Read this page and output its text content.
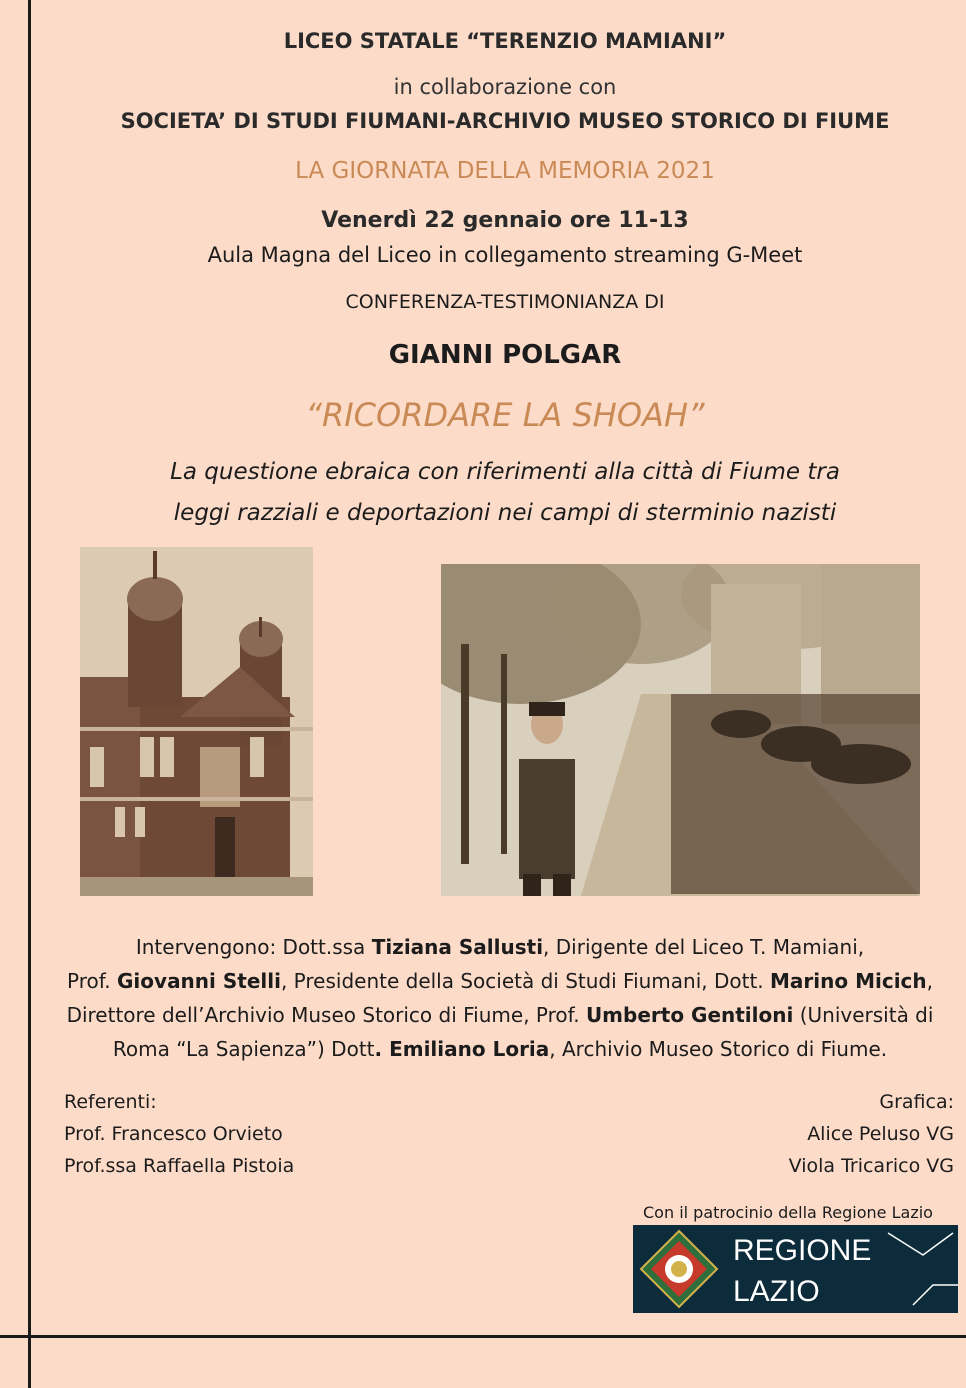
LICEO STATALE “TERENZIO MAMIANI”
in collaborazione con
SOCIETA’ DI STUDI FIUMANI-ARCHIVIO MUSEO STORICO DI FIUME
LA GIORNATA DELLA MEMORIA 2021
Venerdì 22 gennaio ore 11-13
Aula Magna del Liceo in collegamento streaming G-Meet
CONFERENZA-TESTIMONIANZA DI
GIANNI POLGAR
“RICORDARE LA SHOAH”
La questione ebraica con riferimenti alla città di Fiume tra
leggi razziali e deportazioni nei campi di sterminio nazisti
Intervengono: Dott.ssa Tiziana Sallusti, Dirigente del Liceo T. Mamiani,
Prof. Giovanni Stelli, Presidente della Società di Studi Fiumani, Dott. Marino Micich,
Direttore dell’Archivio Museo Storico di Fiume, Prof. Umberto Gentiloni (Università di
Roma “La Sapienza”) Dott. Emiliano Loria, Archivio Museo Storico di Fiume.
Referenti:
Prof. Francesco Orvieto
Prof.ssa Raffaella Pistoia
Grafica:
Alice Peluso VG
Viola Tricarico VG
Con il patrocinio della Regione Lazio
REGIONE
LAZIO
